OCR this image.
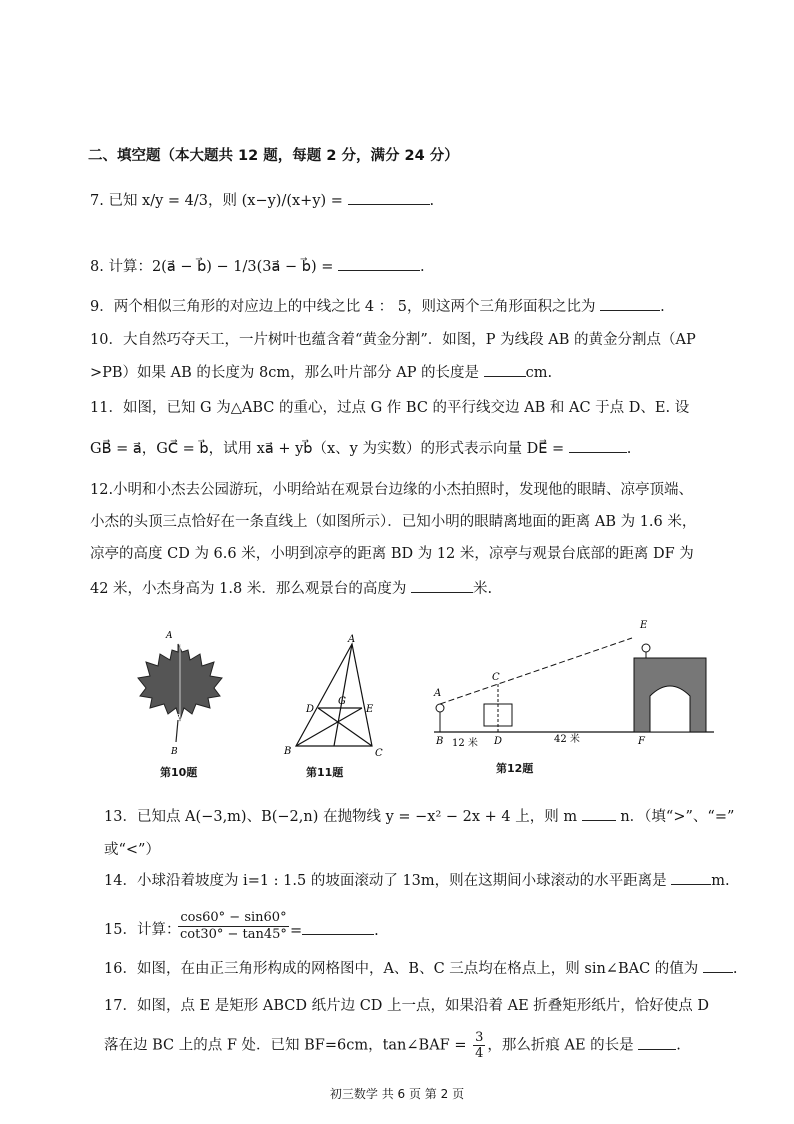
二、填空题（本大题共 12 题，每题 2 分，满分 24 分）
7. 已知 x/y = 4/3，则 (x−y)/(x+y) =	.
8. 计算：2(a⃗ − b⃗) − 1/3(3a⃗ − b⃗) =	.
9．两个相似三角形的对应边上的中线之比 4 ： 5，则这两个三角形面积之比为	.
10．大自然巧夺天工，一片树叶也蕴含着“黄金分割”．如图，P 为线段 AB 的黄金分割点（AP
>PB）如果 AB 的长度为 8cm，那么叶片部分 AP 的长度是	cm.
11．如图，已知 G 为△ABC 的重心，过点 G 作 BC 的平行线交边 AB 和 AC 于点 D、E. 设
GB⃗ = a⃗，GC⃗ = b⃗，试用 xa⃗ + yb⃗（x、y 为实数）的形式表示向量 DE⃗ =	.
12.小明和小杰去公园游玩，小明给站在观景台边缘的小杰拍照时，发现他的眼睛、凉亭顶端、
小杰的头顶三点恰好在一条直线上（如图所示）．已知小明的眼睛离地面的距离 AB 为 1.6 米，
凉亭的高度 CD 为 6.6 米，小明到凉亭的距离 BD 为 12 米，凉亭与观景台底部的距离 DF 为
42 米，小杰身高为 1.8 米．那么观景台的高度为	米.
A
P
B
第10题
A
B	C
D	E
G
第11题
A
B
C
D
E
F
12 米	42 米
第12题
13．已知点 A(−3,m)、B(−2,n) 在抛物线 y = −x² − 2x + 4 上，则 m	n．（填“>”、“=”
或“<”）
14．小球沿着坡度为 i=1 : 1.5 的坡面滚动了 13m，则在这期间小球滚动的水平距离是	m.
15．计算：
$\frac{\cos 60^\circ - \sin 60^\circ}{\cot 30^\circ - \tan 45^\circ}$ =	.
16．如图，在由正三角形构成的网格图中，A、B、C 三点均在格点上，则 sin∠BAC 的值为 .
17．如图，点 E 是矩形 ABCD 纸片边 CD 上一点，如果沿着 AE 折叠矩形纸片，恰好使点 D
落在边 BC 上的点 F 处．已知 BF=6cm，tan∠BAF = $\frac{3}{4}$ ，那么折痕 AE 的长是	.
初三数学 共 6 页 第 2 页
